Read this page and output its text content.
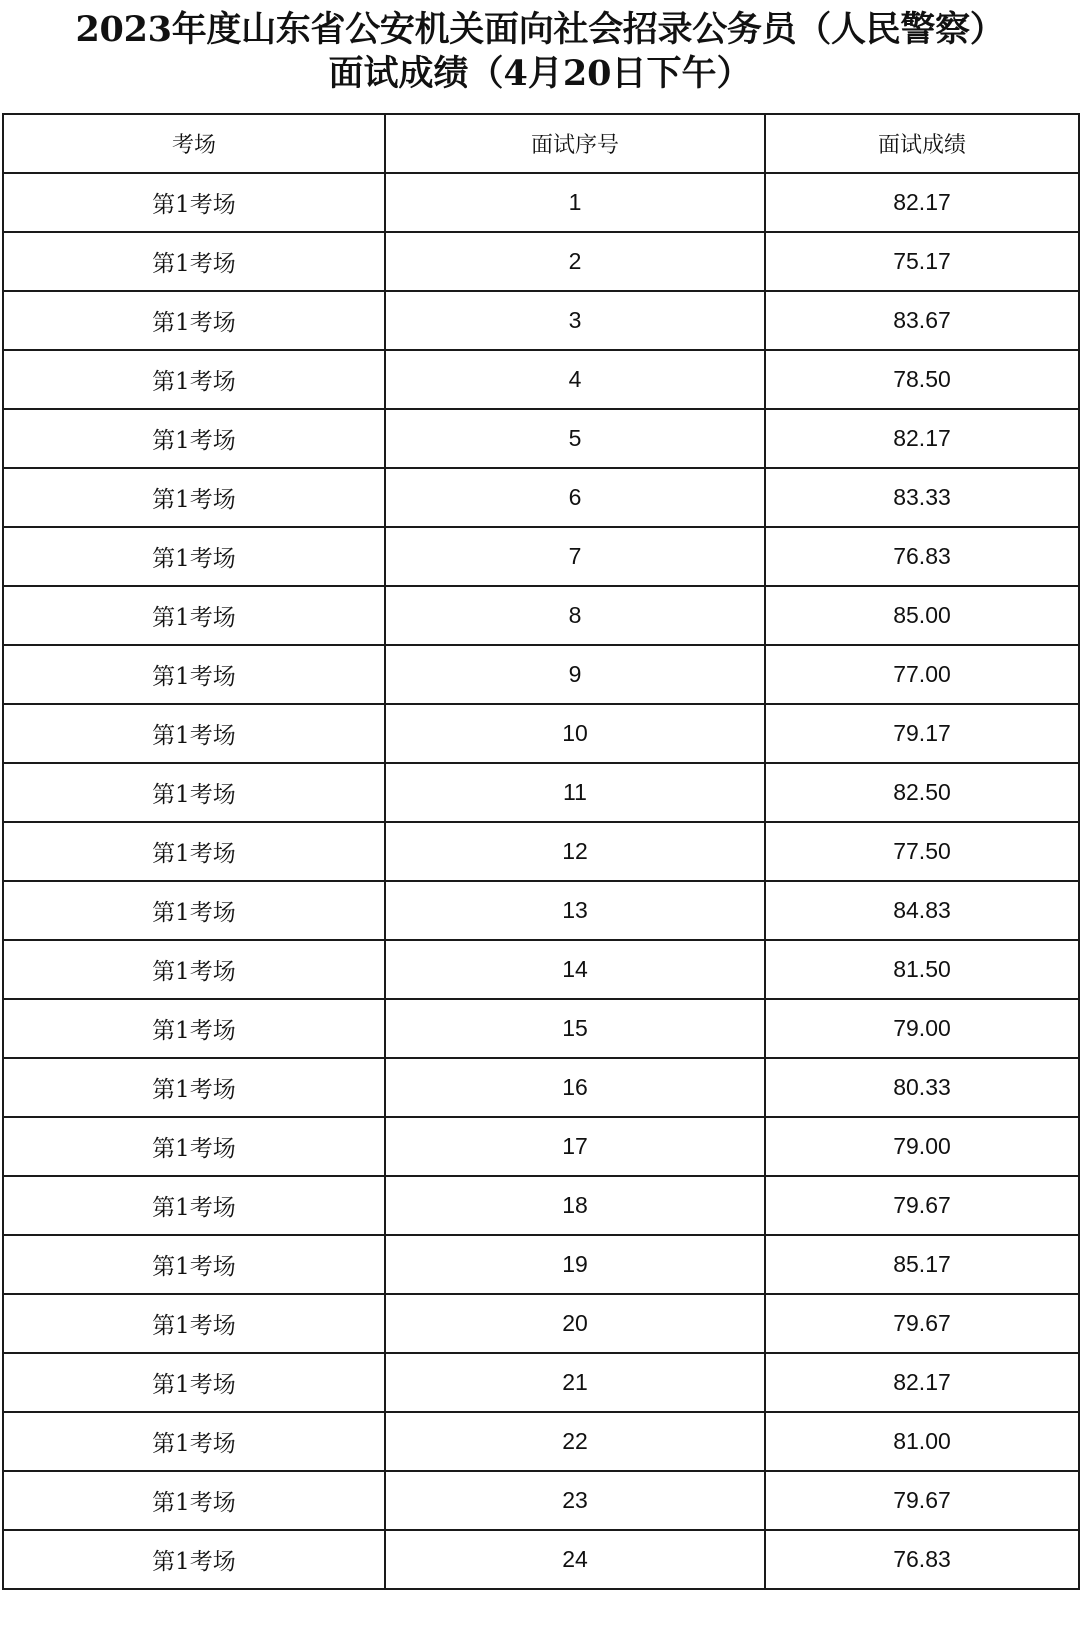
2023年度山东省公安机关面向社会招录公务员（人民警察）
面试成绩（4月20日下午）
考场	面试序号	面试成绩
第1考场	1	82.17
第1考场	2	75.17
第1考场	3	83.67
第1考场	4	78.50
第1考场	5	82.17
第1考场	6	83.33
第1考场	7	76.83
第1考场	8	85.00
第1考场	9	77.00
第1考场	10	79.17
第1考场	11	82.50
第1考场	12	77.50
第1考场	13	84.83
第1考场	14	81.50
第1考场	15	79.00
第1考场	16	80.33
第1考场	17	79.00
第1考场	18	79.67
第1考场	19	85.17
第1考场	20	79.67
第1考场	21	82.17
第1考场	22	81.00
第1考场	23	79.67
第1考场	24	76.83
